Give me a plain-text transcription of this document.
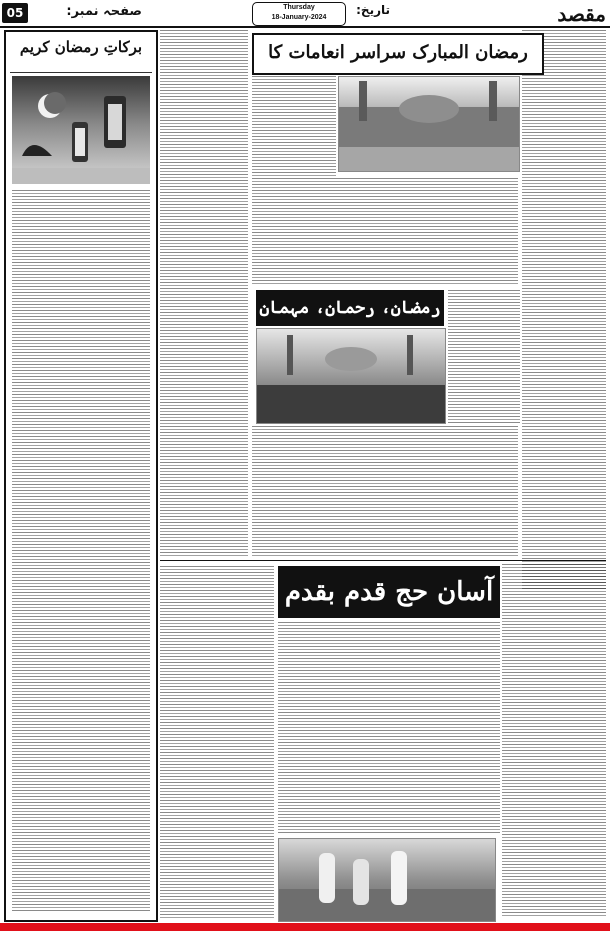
05	صفحہ نمبر:	Thursday
18-January-2024
تاریخ:	مقصد
برکاتِ رمضان کریم	رمضان المبارک سراسر انعامات کا
رمضان، رحمان، مہمان
آسان حج قدم بقدم
